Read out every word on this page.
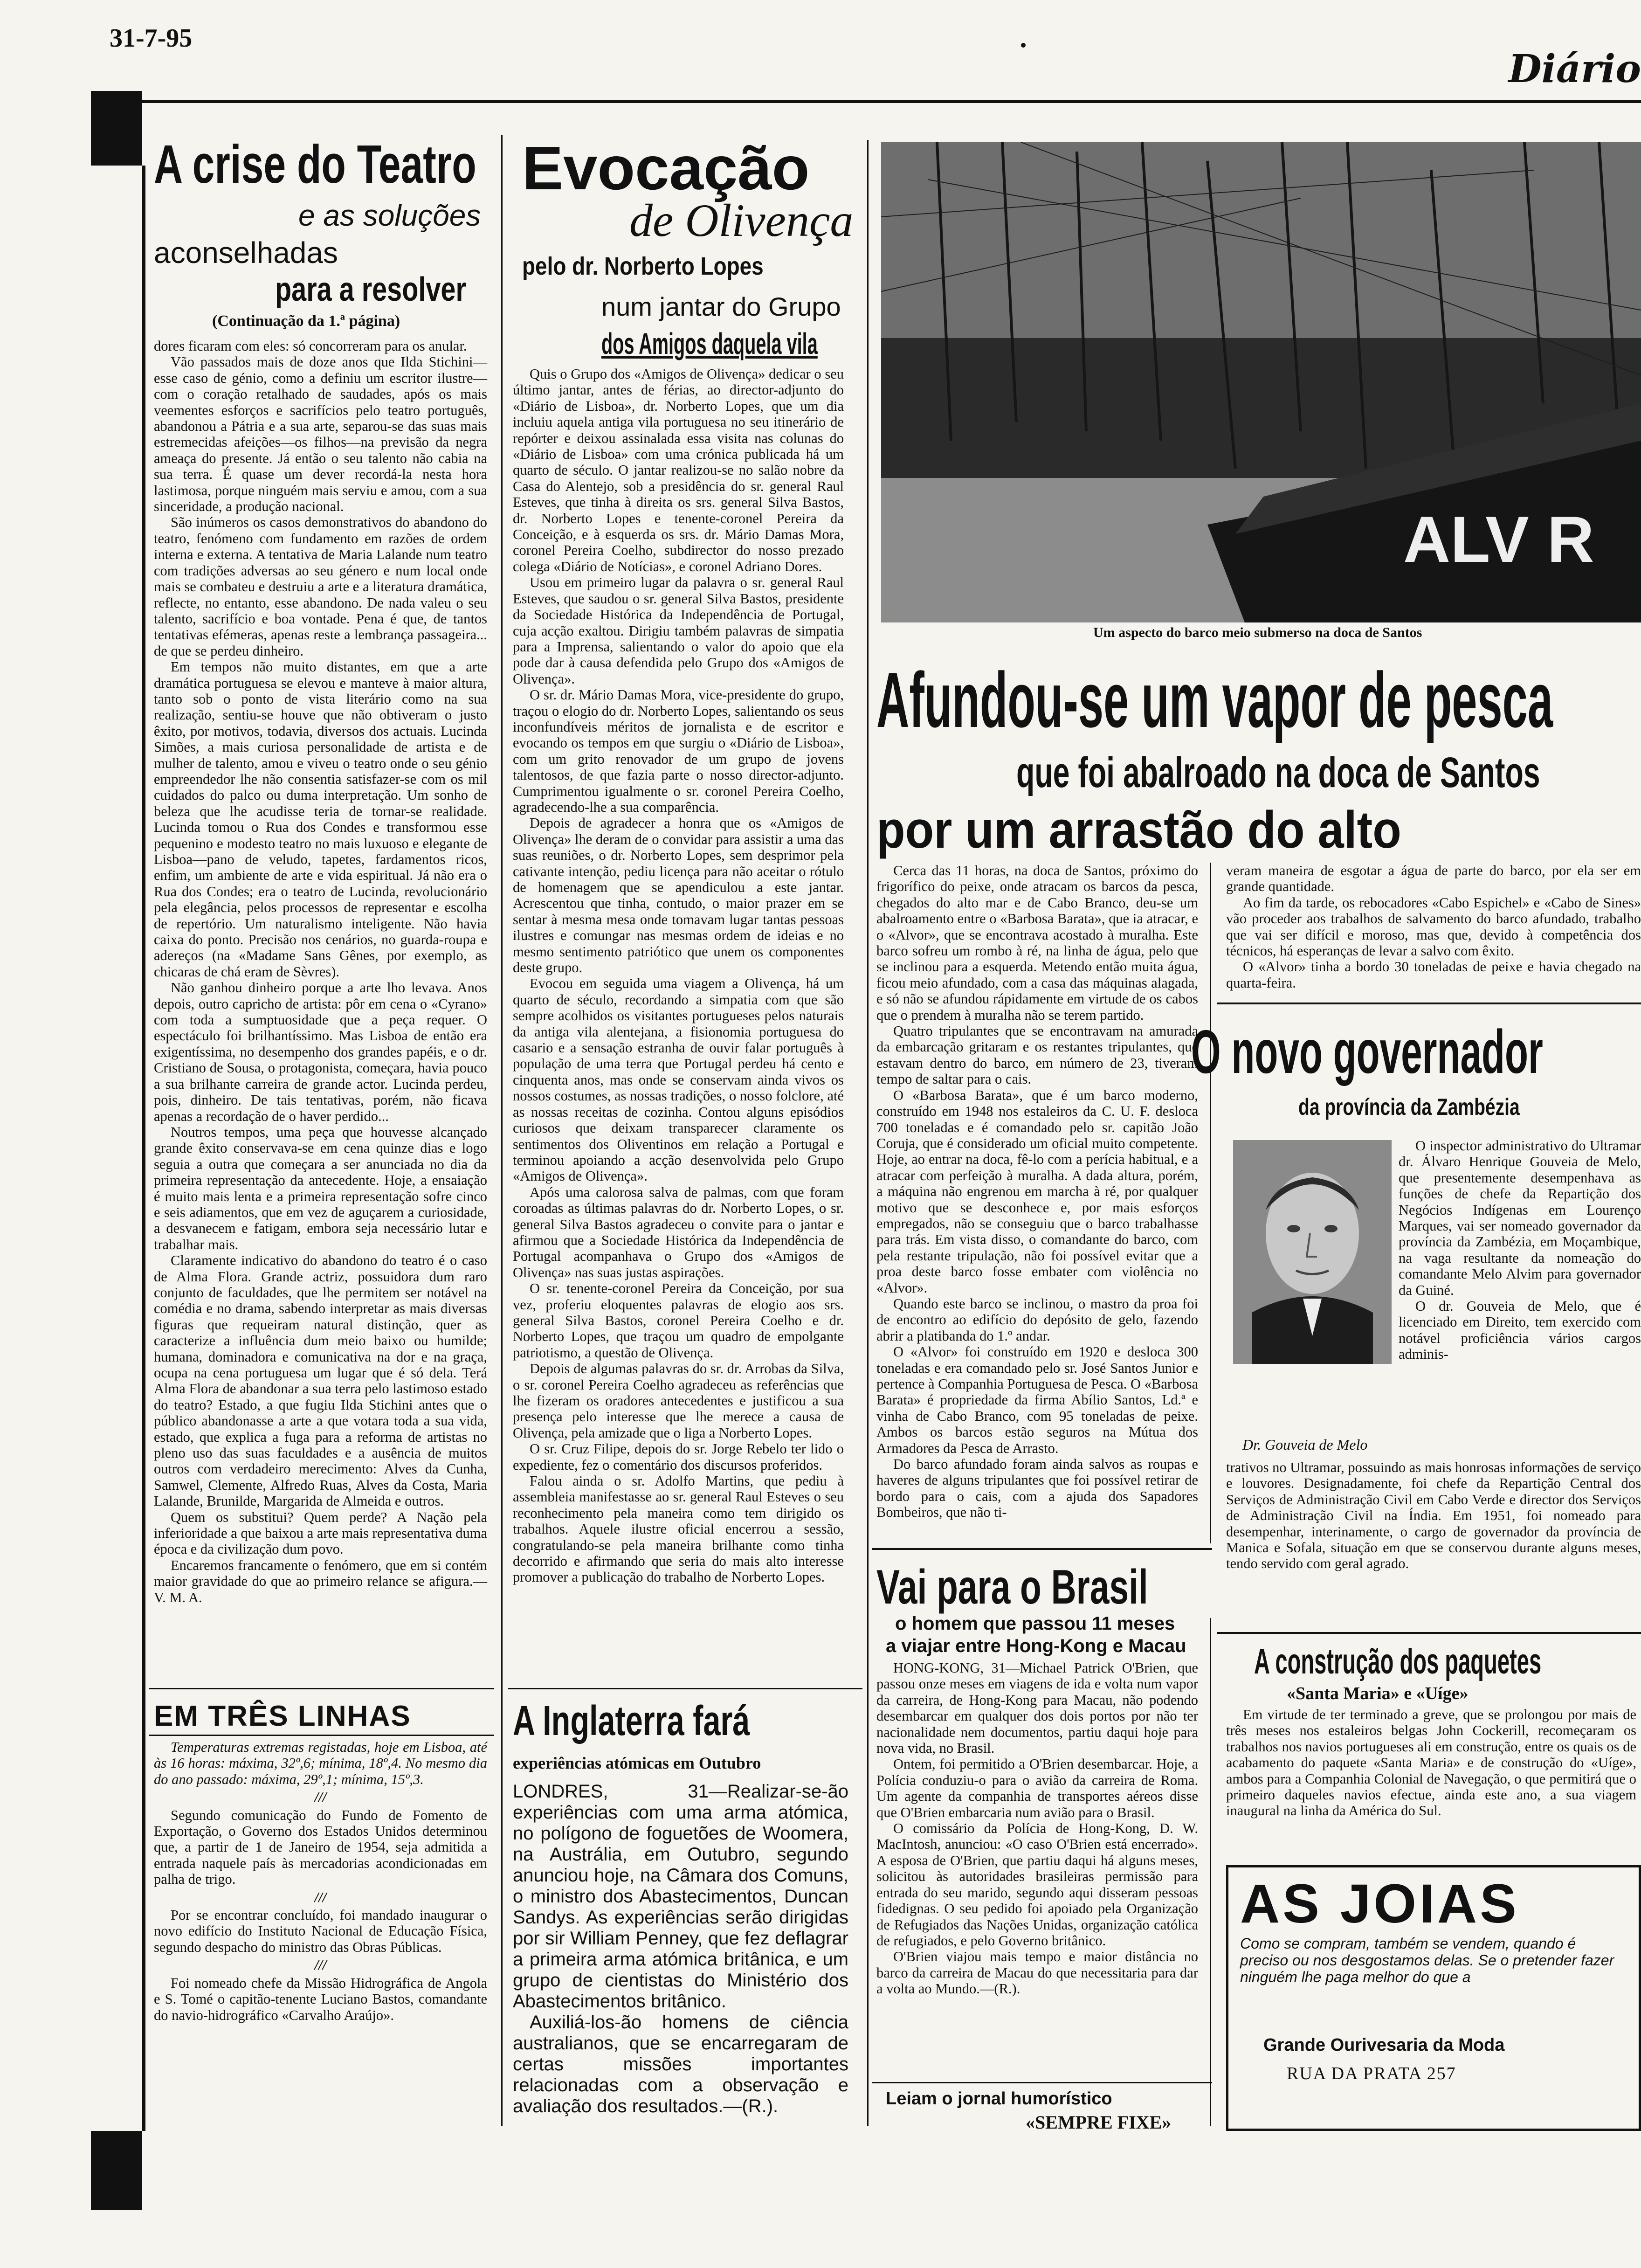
31-7-95
Diário
A crise do Teatro
e as soluções
aconselhadas
para a resolver
(Continuação da 1.ª página)

dores ficaram com eles: só concorreram para os anular.

Vão passados mais de doze anos que Ilda Stichini—esse caso de génio, como a definiu um escritor ilustre—com o coração retalhado de saudades, após os mais veementes esforços e sacrifícios pelo teatro português, abandonou a Pátria e a sua arte, separou-se das suas mais estremecidas afeições—os filhos—na previsão da negra ameaça do presente. Já então o seu talento não cabia na sua terra. É quase um dever recordá-la nesta hora lastimosa, porque ninguém mais serviu e amou, com a sua sinceridade, a produção nacional.

São inúmeros os casos demonstrativos do abandono do teatro, fenómeno com fundamento em razões de ordem interna e externa. A tentativa de Maria Lalande num teatro com tradições adversas ao seu género e num local onde mais se combateu e destruiu a arte e a literatura dramática, reflecte, no entanto, esse abandono. De nada valeu o seu talento, sacrifício e boa vontade. Pena é que, de tantos tentativas efémeras, apenas reste a lembrança passageira... de que se perdeu dinheiro.

Em tempos não muito distantes, em que a arte dramática portuguesa se elevou e manteve à maior altura, tanto sob o ponto de vista literário como na sua realização, sentiu-se houve que não obtiveram o justo êxito, por motivos, todavia, diversos dos actuais. Lucinda Simões, a mais curiosa personalidade de artista e de mulher de talento, amou e viveu o teatro onde o seu génio empreendedor lhe não consentia satisfazer-se com os mil cuidados do palco ou duma interpretação. Um sonho de beleza que lhe acudisse teria de tornar-se realidade. Lucinda tomou o Rua dos Condes e transformou esse pequenino e modesto teatro no mais luxuoso e elegante de Lisboa—pano de veludo, tapetes, fardamentos ricos, enfim, um ambiente de arte e vida espiritual. Já não era o Rua dos Condes; era o teatro de Lucinda, revolucionário pela elegância, pelos processos de representar e escolha de repertório. Um naturalismo inteligente. Não havia caixa do ponto. Precisão nos cenários, no guarda-roupa e adereços (na «Madame Sans Gênes, por exemplo, as chicaras de chá eram de Sèvres).

Não ganhou dinheiro porque a arte lho levava. Anos depois, outro capricho de artista: pôr em cena o «Cyrano» com toda a sumptuosidade que a peça requer. O espectáculo foi brilhantíssimo. Mas Lisboa de então era exigentíssima, no desempenho dos grandes papéis, e o dr. Cristiano de Sousa, o protagonista, começara, havia pouco a sua brilhante carreira de grande actor. Lucinda perdeu, pois, dinheiro. De tais tentativas, porém, não ficava apenas a recordação de o haver perdido...

Noutros tempos, uma peça que houvesse alcançado grande êxito conservava-se em cena quinze dias e logo seguia a outra que começara a ser anunciada no dia da primeira representação da antecedente. Hoje, a ensaiação é muito mais lenta e a primeira representação sofre cinco e seis adiamentos, que em vez de aguçarem a curiosidade, a desvanecem e fatigam, embora seja necessário lutar e trabalhar mais.

Claramente indicativo do abandono do teatro é o caso de Alma Flora. Grande actriz, possuidora dum raro conjunto de faculdades, que lhe permitem ser notável na comédia e no drama, sabendo interpretar as mais diversas figuras que requeiram natural distinção, quer as caracterize a influência dum meio baixo ou humilde; humana, dominadora e comunicativa na dor e na graça, ocupa na cena portuguesa um lugar que é só dela. Terá Alma Flora de abandonar a sua terra pelo lastimoso estado do teatro? Estado, a que fugiu Ilda Stichini antes que o público abandonasse a arte a que votara toda a sua vida, estado, que explica a fuga para a reforma de artistas no pleno uso das suas faculdades e a ausência de muitos outros com verdadeiro merecimento: Alves da Cunha, Samwel, Clemente, Alfredo Ruas, Alves da Costa, Maria Lalande, Brunilde, Margarida de Almeida e outros.

Quem os substitui? Quem perde? A Nação pela inferioridade a que baixou a arte mais representativa duma época e da civilização dum povo.

Encaremos francamente o fenómero, que em si contém maior gravidade do que ao primeiro relance se afigura.—V. M. A.

EM TRÊS LINHAS

Temperaturas extremas registadas, hoje em Lisboa, até às 16 horas: máxima, 32º,6; mínima, 18º,4. No mesmo dia do ano passado: máxima, 29º,1; mínima, 15º,3.

///

Segundo comunicação do Fundo de Fomento de Exportação, o Governo dos Estados Unidos determinou que, a partir de 1 de Janeiro de 1954, seja admitida a entrada naquele país às mercadorias acondicionadas em palha de trigo.

///

Por se encontrar concluído, foi mandado inaugurar o novo edifício do Instituto Nacional de Educação Física, segundo despacho do ministro das Obras Públicas.

///

Foi nomeado chefe da Missão Hidrográfica de Angola e S. Tomé o capitão-tenente Luciano Bastos, comandante do navio-hidrográfico «Carvalho Araújo».

Evocação
de Olivença
pelo dr. Norberto Lopes
num jantar do Grupo
dos Amigos daquela vila

Quis o Grupo dos «Amigos de Olivença» dedicar o seu último jantar, antes de férias, ao director-adjunto do «Diário de Lisboa», dr. Norberto Lopes, que um dia incluiu aquela antiga vila portuguesa no seu itinerário de repórter e deixou assinalada essa visita nas colunas do «Diário de Lisboa» com uma crónica publicada há um quarto de século. O jantar realizou-se no salão nobre da Casa do Alentejo, sob a presidência do sr. general Raul Esteves, que tinha à direita os srs. general Silva Bastos, dr. Norberto Lopes e tenente-coronel Pereira da Conceição, e à esquerda os srs. dr. Mário Damas Mora, coronel Pereira Coelho, subdirector do nosso prezado colega «Diário de Notícias», e coronel Adriano Dores.

Usou em primeiro lugar da palavra o sr. general Raul Esteves, que saudou o sr. general Silva Bastos, presidente da Sociedade Histórica da Independência de Portugal, cuja acção exaltou. Dirigiu também palavras de simpatia para a Imprensa, salientando o valor do apoio que ela pode dar à causa defendida pelo Grupo dos «Amigos de Olivença».

O sr. dr. Mário Damas Mora, vice-presidente do grupo, traçou o elogio do dr. Norberto Lopes, salientando os seus inconfundíveis méritos de jornalista e de escritor e evocando os tempos em que surgiu o «Diário de Lisboa», com um grito renovador de um grupo de jovens talentosos, de que fazia parte o nosso director-adjunto. Cumprimentou igualmente o sr. coronel Pereira Coelho, agradecendo-lhe a sua comparência.

Depois de agradecer a honra que os «Amigos de Olivença» lhe deram de o convidar para assistir a uma das suas reuniões, o dr. Norberto Lopes, sem desprimor pela cativante intenção, pediu licença para não aceitar o rótulo de homenagem que se apendiculou a este jantar. Acrescentou que tinha, contudo, o maior prazer em se sentar à mesma mesa onde tomavam lugar tantas pessoas ilustres e comungar nas mesmas ordem de ideias e no mesmo sentimento patriótico que unem os componentes deste grupo.

Evocou em seguida uma viagem a Olivença, há um quarto de século, recordando a simpatia com que são sempre acolhidos os visitantes portugueses pelos naturais da antiga vila alentejana, a fisionomia portuguesa do casario e a sensação estranha de ouvir falar português à população de uma terra que Portugal perdeu há cento e cinquenta anos, mas onde se conservam ainda vivos os nossos costumes, as nossas tradições, o nosso folclore, até as nossas receitas de cozinha. Contou alguns episódios curiosos que deixam transparecer claramente os sentimentos dos Oliventinos em relação a Portugal e terminou apoiando a acção desenvolvida pelo Grupo «Amigos de Olivença».

Após uma calorosa salva de palmas, com que foram coroadas as últimas palavras do dr. Norberto Lopes, o sr. general Silva Bastos agradeceu o convite para o jantar e afirmou que a Sociedade Histórica da Independência de Portugal acompanhava o Grupo dos «Amigos de Olivença» nas suas justas aspirações.

O sr. tenente-coronel Pereira da Conceição, por sua vez, proferiu eloquentes palavras de elogio aos srs. general Silva Bastos, coronel Pereira Coelho e dr. Norberto Lopes, que traçou um quadro de empolgante patriotismo, a questão de Olivença.

Depois de algumas palavras do sr. dr. Arrobas da Silva, o sr. coronel Pereira Coelho agradeceu as referências que lhe fizeram os oradores antecedentes e justificou a sua presença pelo interesse que lhe merece a causa de Olivença, pela amizade que o liga a Norberto Lopes.

O sr. Cruz Filipe, depois do sr. Jorge Rebelo ter lido o expediente, fez o comentário dos discursos proferidos.

Falou ainda o sr. Adolfo Martins, que pediu à assembleia manifestasse ao sr. general Raul Esteves o seu reconhecimento pela maneira como tem dirigido os trabalhos. Aquele ilustre oficial encerrou a sessão, congratulando-se pela maneira brilhante como tinha decorrido e afirmando que seria do mais alto interesse promover a publicação do trabalho de Norberto Lopes.

A Inglaterra fará
experiências atómicas em Outubro

LONDRES, 31—Realizar-se-ão experiências com uma arma atómica, no polígono de foguetões de Woomera, na Austrália, em Outubro, segundo anunciou hoje, na Câmara dos Comuns, o ministro dos Abastecimentos, Duncan Sandys. As experiências serão dirigidas por sir William Penney, que fez deflagrar a primeira arma atómica britânica, e um grupo de cientistas do Ministério dos Abastecimentos britânico.

Auxiliá-los-ão homens de ciência australianos, que se encarregaram de certas missões importantes relacionadas com a observação e avaliação dos resultados.—(R.).

ALV R
Um aspecto do barco meio submerso na doca de Santos
Afundou-se um vapor de pesca
que foi abalroado na doca de Santos
por um arrastão do alto

Cerca das 11 horas, na doca de Santos, próximo do frigorífico do peixe, onde atracam os barcos da pesca, chegados do alto mar e de Cabo Branco, deu-se um abalroamento entre o «Barbosa Barata», que ia atracar, e o «Alvor», que se encontrava acostado à muralha. Este barco sofreu um rombo à ré, na linha de água, pelo que se inclinou para a esquerda. Metendo então muita água, ficou meio afundado, com a casa das máquinas alagada, e só não se afundou rápidamente em virtude de os cabos que o prendem à muralha não se terem partido.

Quatro tripulantes que se encontravam na amurada da embarcação gritaram e os restantes tripulantes, que estavam dentro do barco, em número de 23, tiveram tempo de saltar para o cais.

O «Barbosa Barata», que é um barco moderno, construído em 1948 nos estaleiros da C. U. F. desloca 700 toneladas e é comandado pelo sr. capitão João Coruja, que é considerado um oficial muito competente. Hoje, ao entrar na doca, fê-lo com a perícia habitual, e a atracar com perfeição à muralha. A dada altura, porém, a máquina não engrenou em marcha à ré, por qualquer motivo que se desconhece e, por mais esforços empregados, não se conseguiu que o barco trabalhasse para trás. Em vista disso, o comandante do barco, com pela restante tripulação, não foi possível evitar que a proa deste barco fosse embater com violência no «Alvor».

Quando este barco se inclinou, o mastro da proa foi de encontro ao edifício do depósito de gelo, fazendo abrir a platibanda do 1.º andar.

O «Alvor» foi construído em 1920 e desloca 300 toneladas e era comandado pelo sr. José Santos Junior e pertence à Companhia Portuguesa de Pesca. O «Barbosa Barata» é propriedade da firma Abílio Santos, Ld.ª e vinha de Cabo Branco, com 95 toneladas de peixe. Ambos os barcos estão seguros na Mútua dos Armadores da Pesca de Arrasto.

Do barco afundado foram ainda salvos as roupas e haveres de alguns tripulantes que foi possível retirar de bordo para o cais, com a ajuda dos Sapadores Bombeiros, que não ti-

veram maneira de esgotar a água de parte do barco, por ela ser em grande quantidade.

Ao fim da tarde, os rebocadores «Cabo Espichel» e «Cabo de Sines» vão proceder aos trabalhos de salvamento do barco afundado, trabalho que vai ser difícil e moroso, mas que, devido à competência dos técnicos, há esperanças de levar a salvo com êxito.

O «Alvor» tinha a bordo 30 toneladas de peixe e havia chegado na quarta-feira.

O novo governador
da província da Zambézia

O inspector administrativo do Ultramar dr. Álvaro Henrique Gouveia de Melo, que presentemente desempenhava as funções de chefe da Repartição dos Negócios Indígenas em Lourenço Marques, vai ser nomeado governador da província da Zambézia, em Moçambique, na vaga resultante da nomeação do comandante Melo Alvim para governador da Guiné.

O dr. Gouveia de Melo, que é licenciado em Direito, tem exercido com notável proficiência vários cargos adminis-

Dr. Gouveia de Melo

trativos no Ultramar, possuindo as mais honrosas informações de serviço e louvores. Designadamente, foi chefe da Repartição Central dos Serviços de Administração Civil em Cabo Verde e director dos Serviços de Administração Civil na Índia. Em 1951, foi nomeado para desempenhar, interinamente, o cargo de governador da província de Manica e Sofala, situação em que se conservou durante alguns meses, tendo servido com geral agrado.

Vai para o Brasil
o homem que passou 11 meses
a viajar entre Hong-Kong e Macau

HONG-KONG, 31—Michael Patrick O'Brien, que passou onze meses em viagens de ida e volta num vapor da carreira, de Hong-Kong para Macau, não podendo desembarcar em qualquer dos dois portos por não ter nacionalidade nem documentos, partiu daqui hoje para nova vida, no Brasil.

Ontem, foi permitido a O'Brien desembarcar. Hoje, a Polícia conduziu-o para o avião da carreira de Roma. Um agente da companhia de transportes aéreos disse que O'Brien embarcaria num avião para o Brasil.

O comissário da Polícia de Hong-Kong, D. W. MacIntosh, anunciou: «O caso O'Brien está encerrado». A esposa de O'Brien, que partiu daqui há alguns meses, solicitou às autoridades brasileiras permissão para entrada do seu marido, segundo aqui disseram pessoas fidedignas. O seu pedido foi apoiado pela Organização de Refugiados das Nações Unidas, organização católica de refugiados, e pelo Governo britânico.

O'Brien viajou mais tempo e maior distância no barco da carreira de Macau do que necessitaria para dar a volta ao Mundo.—(R.).

Leiam o jornal humorístico
«SEMPRE FIXE»
A construção dos paquetes
«Santa Maria» e «Uíge»

Em virtude de ter terminado a greve, que se prolongou por mais de três meses nos estaleiros belgas John Cockerill, recomeçaram os trabalhos nos navios portugueses ali em construção, entre os quais os de acabamento do paquete «Santa Maria» e de construção do «Uíge», ambos para a Companhia Colonial de Navegação, o que permitirá que o primeiro daqueles navios efectue, ainda este ano, a sua viagem inaugural na linha da América do Sul.

AS JOIAS
Como se compram, também se vendem, quando é preciso ou nos desgostamos delas. Se o pretender fazer ninguém lhe paga melhor do que a
Grande Ourivesaria da Moda
RUA DA PRATA 257
